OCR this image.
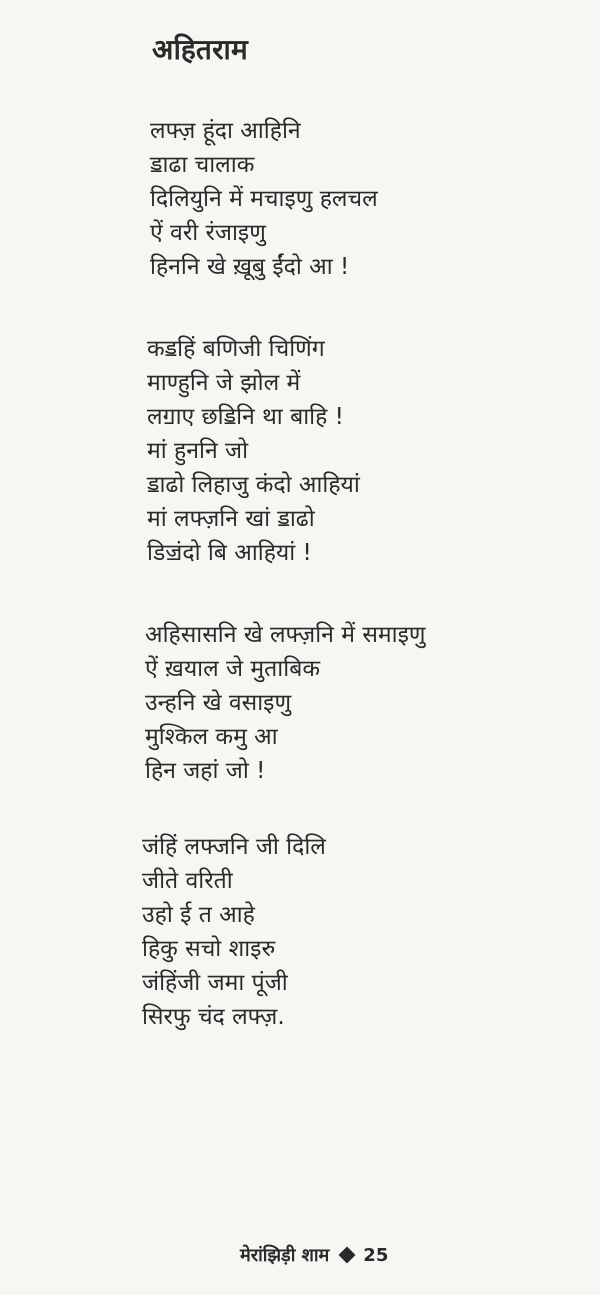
अहितराम
लफ्ज़ हूंदा आहिनि
ॾाढा चालाक
दिलियुनि में मचाइणु हलचल
ऐं वरी रंजाइणु
हिननि खे ख़ूबु ईंदो आ !
कॾहिं बणिजी चिणिंग
माण्हुनि जे झोल में
लॻाए छॾिनि था बाहि !
मां हुननि जो
ॾाढो लिहाजु कंदो आहियां
मां लफ्ज़नि खां ॾाढो
डिॼंदो बि आहियां !
अहिसासनि खे लफ्ज़नि में समाइणु
ऐं ख़याल जे मुताबिक
उन्हनि खे वसाइणु
मुश्किल कमु आ
हिन जहां जो !
जंहिं लफ्जनि जी दिलि
जीते वरिती
उहो ई त आहे
हिकु सचो शाइरु
जंहिंजी जमा पूंजी
सिरफु चंद लफ्ज़.
मेरांझिड़ी शाम 25
